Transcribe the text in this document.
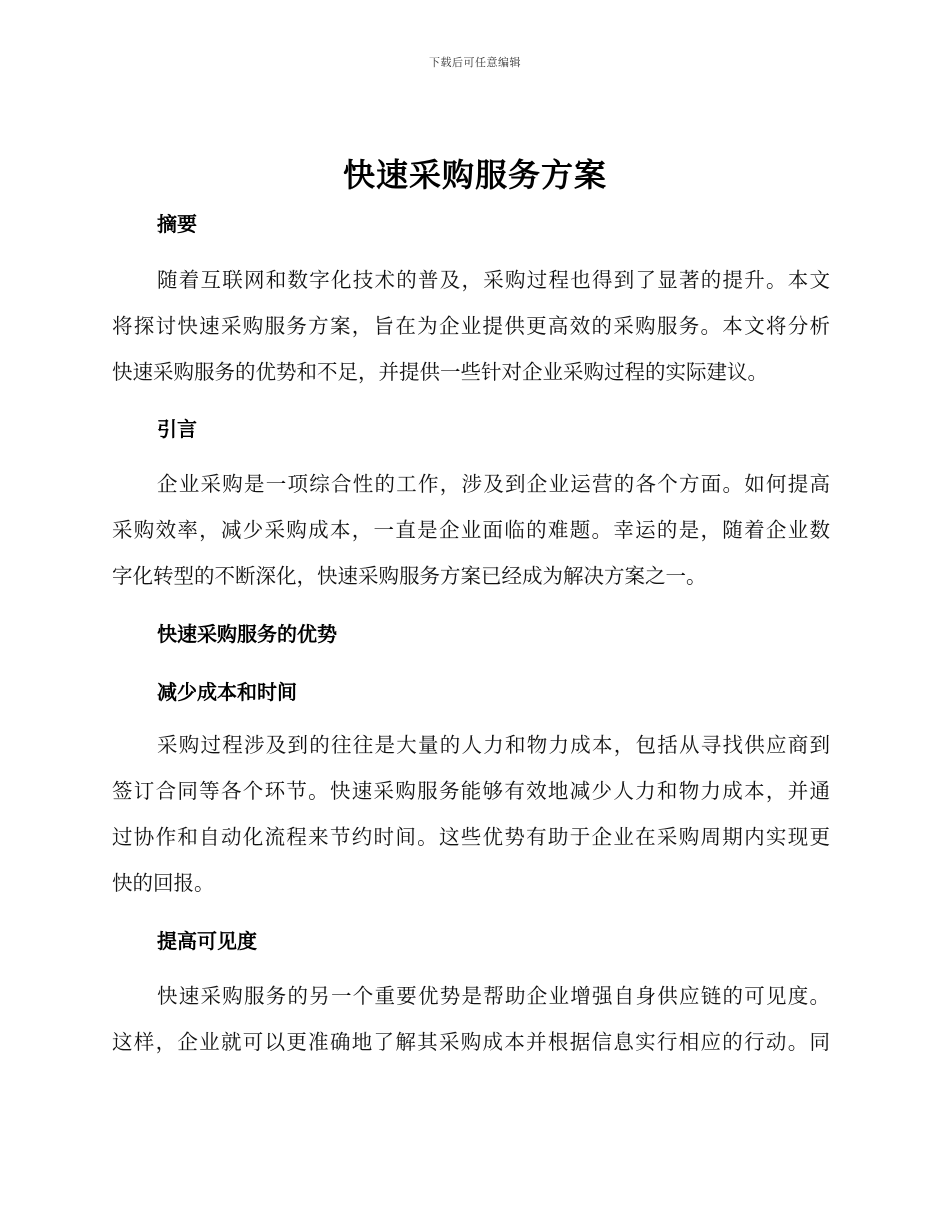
下载后可任意编辑
快速采购服务方案
摘要
随着互联网和数字化技术的普及，采购过程也得到了显著的提升。本文
将探讨快速采购服务方案，旨在为企业提供更高效的采购服务。本文将分析
快速采购服务的优势和不足，并提供一些针对企业采购过程的实际建议。
引言
企业采购是一项综合性的工作，涉及到企业运营的各个方面。如何提高
采购效率，减少采购成本，一直是企业面临的难题。幸运的是，随着企业数
字化转型的不断深化，快速采购服务方案已经成为解决方案之一。
快速采购服务的优势
减少成本和时间
采购过程涉及到的往往是大量的人力和物力成本，包括从寻找供应商到
签订合同等各个环节。快速采购服务能够有效地减少人力和物力成本，并通
过协作和自动化流程来节约时间。这些优势有助于企业在采购周期内实现更
快的回报。
提高可见度
快速采购服务的另一个重要优势是帮助企业增强自身供应链的可见度。
这样，企业就可以更准确地了解其采购成本并根据信息实行相应的行动。同
